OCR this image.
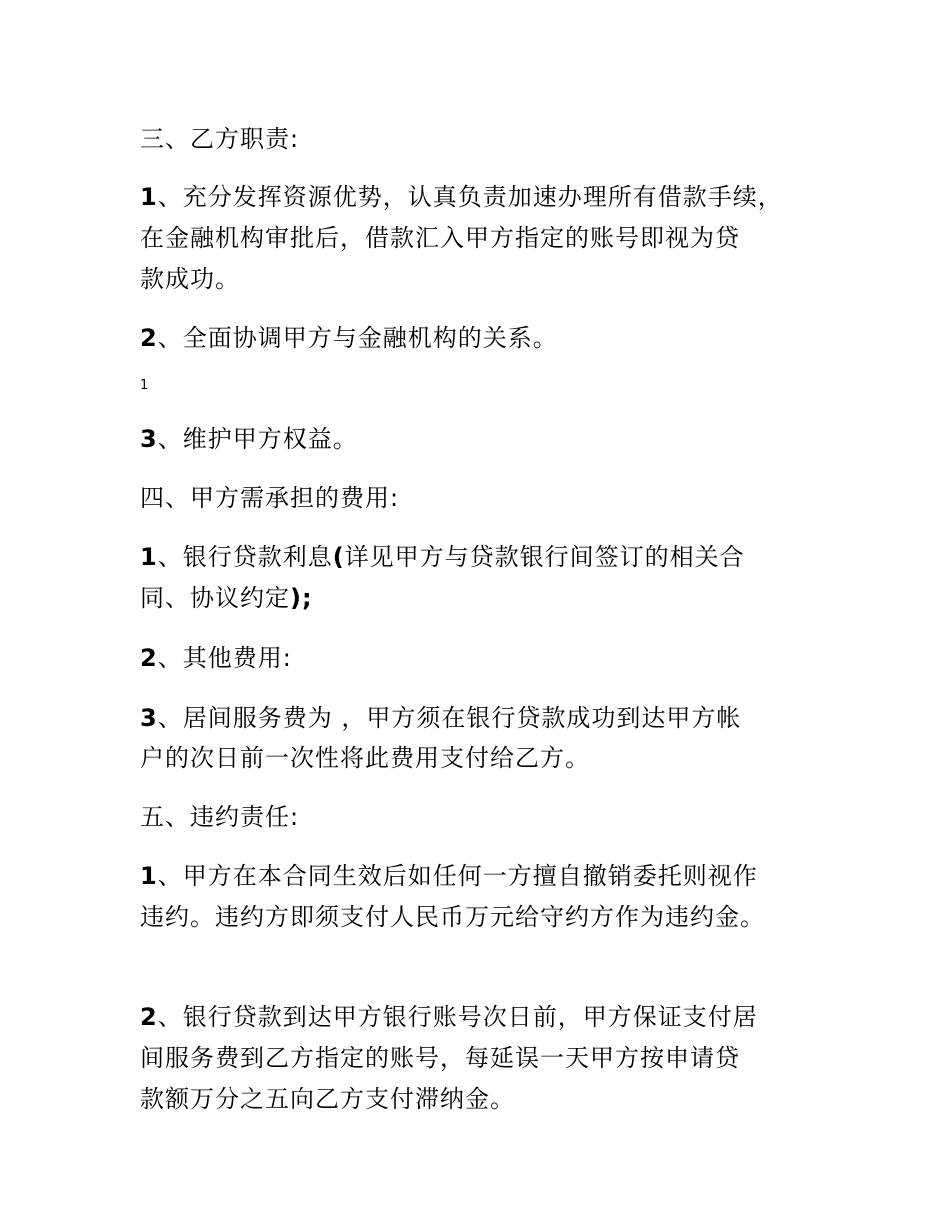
三、乙方职责:
1、充分发挥资源优势，认真负责加速办理所有借款手续，
在金融机构审批后，借款汇入甲方指定的账号即视为贷
款成功。
2、全面协调甲方与金融机构的关系。
1
3、维护甲方权益。
四、甲方需承担的费用:
1、银行贷款利息(详见甲方与贷款银行间签订的相关合
同、协议约定);
2、其他费用:
3、居间服务费为 ，甲方须在银行贷款成功到达甲方帐
户的次日前一次性将此费用支付给乙方。
五、违约责任:
1、甲方在本合同生效后如任何一方擅自撤销委托则视作
违约。违约方即须支付人民币万元给守约方作为违约金。
2、银行贷款到达甲方银行账号次日前，甲方保证支付居
间服务费到乙方指定的账号，每延误一天甲方按申请贷
款额万分之五向乙方支付滞纳金。
